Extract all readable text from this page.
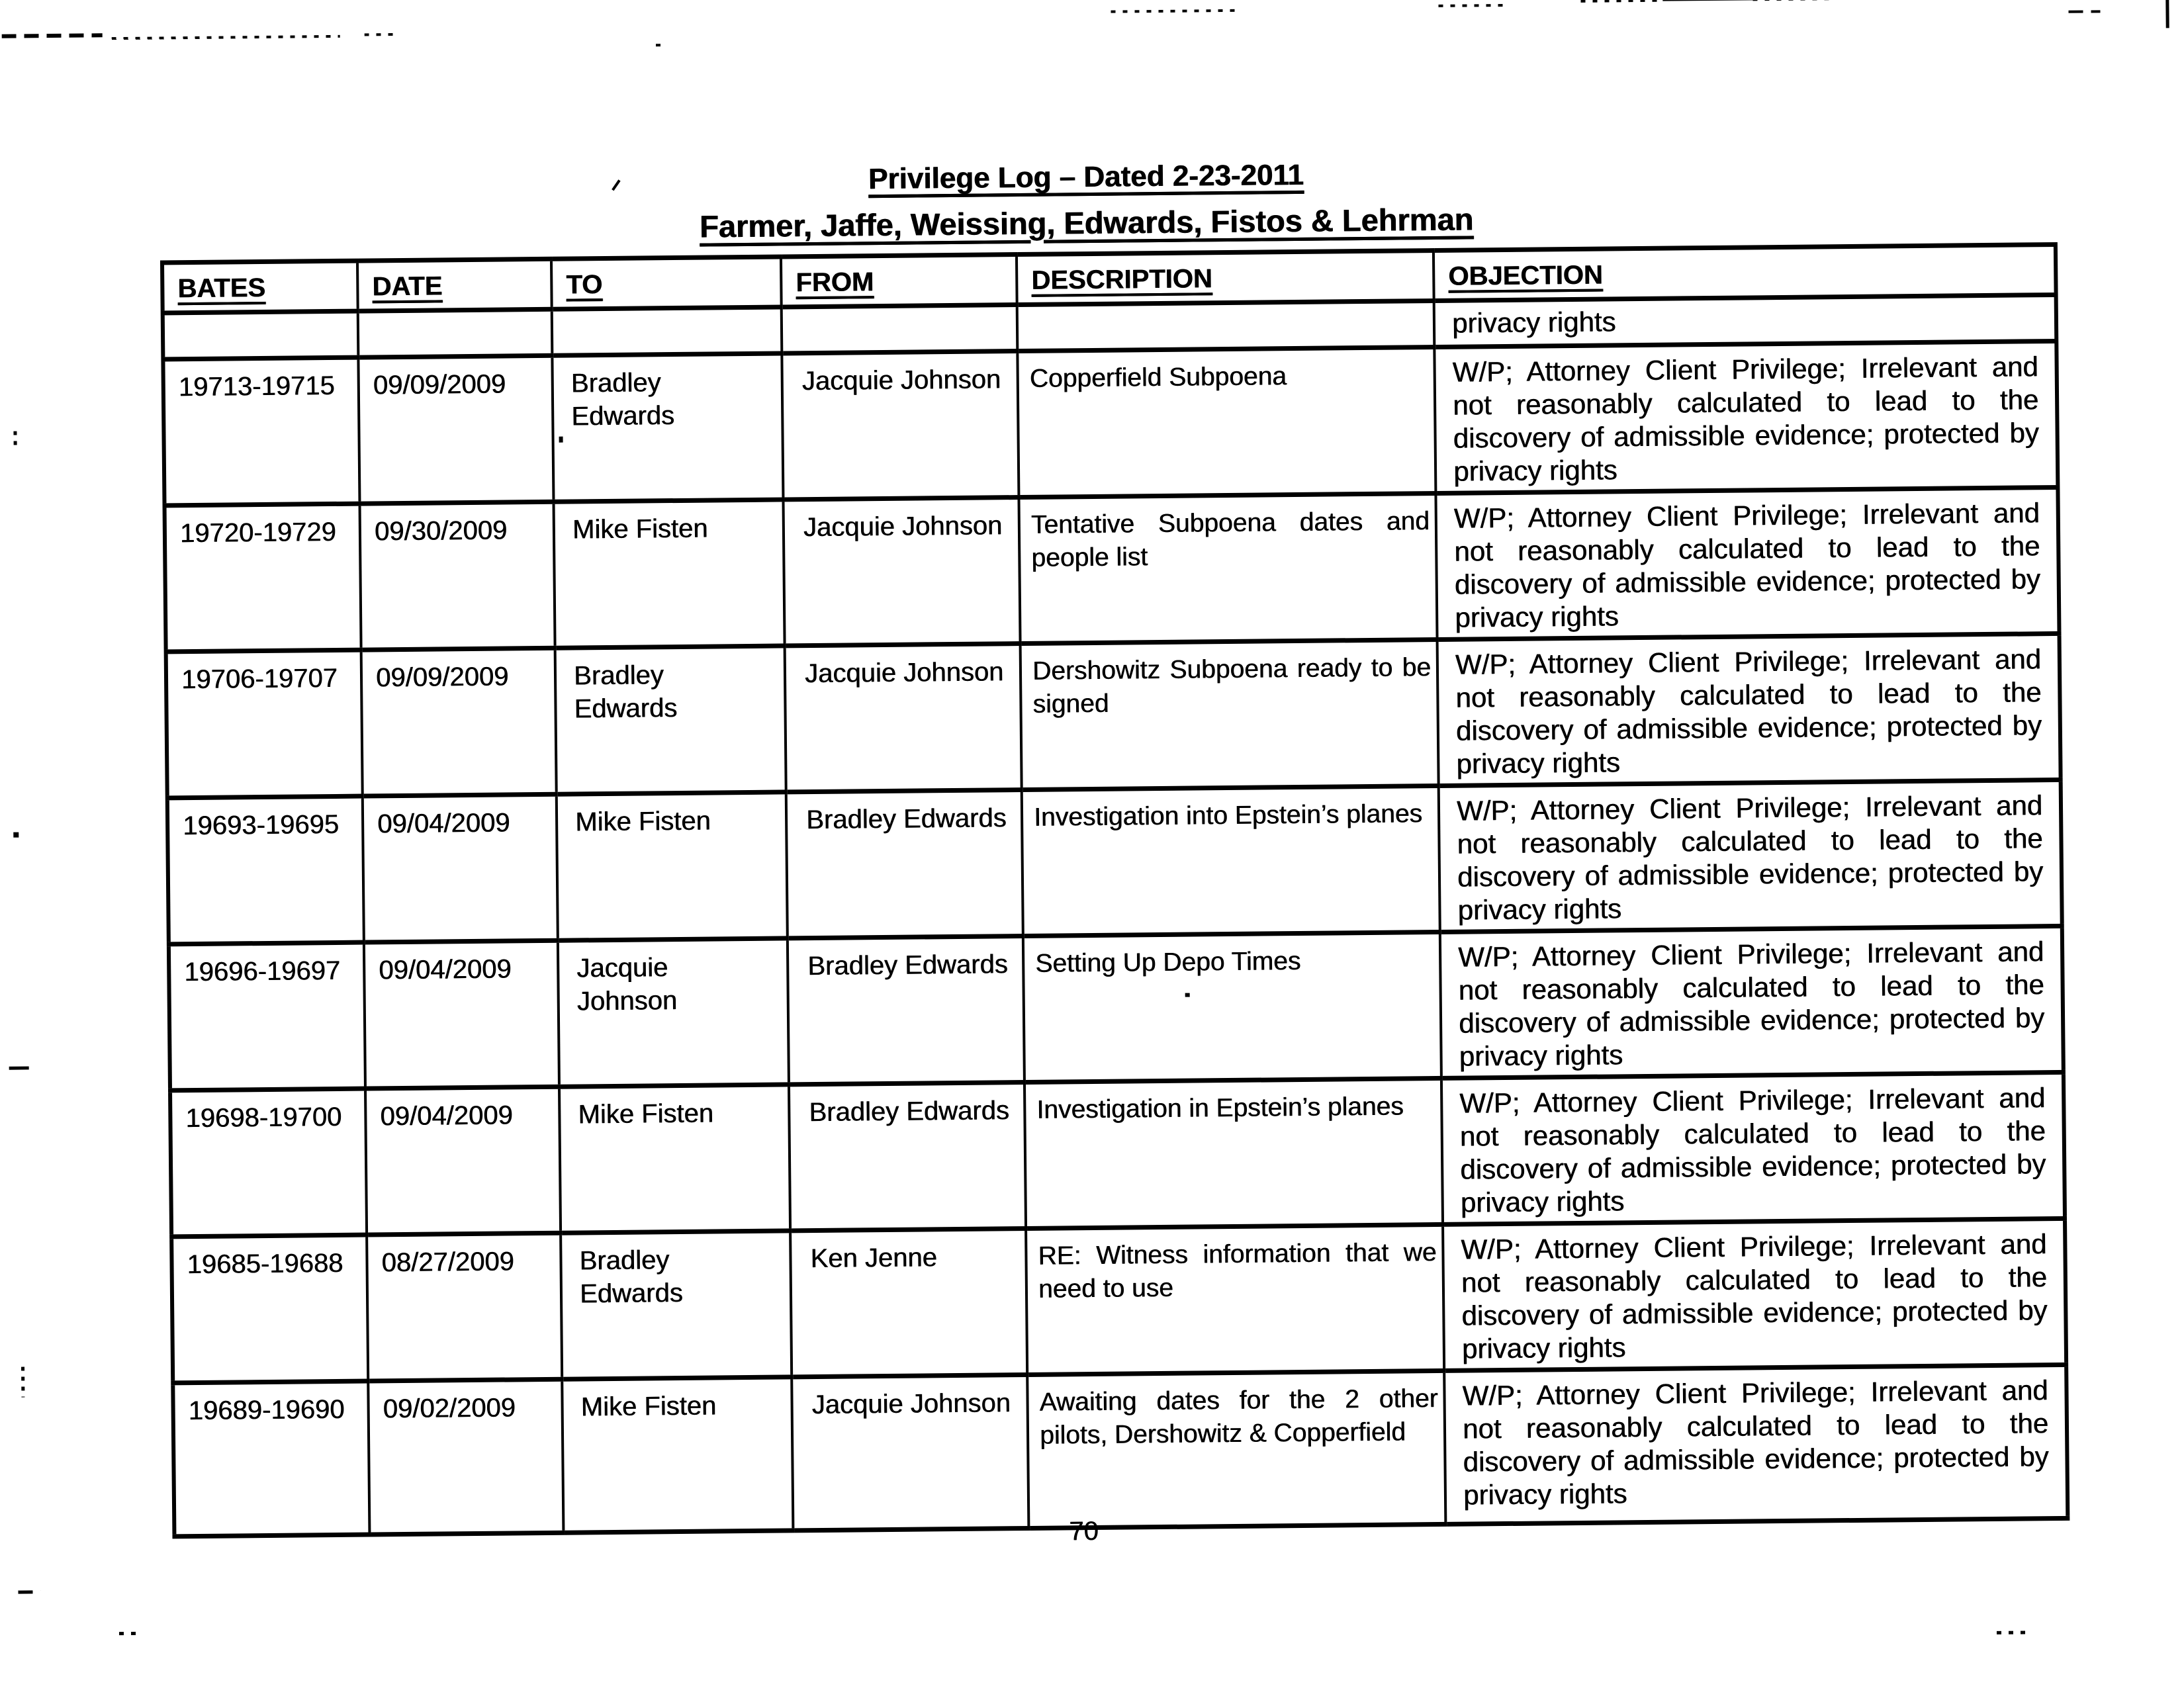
Privilege Log – Dated 2-23-2011
Farmer, Jaffe, Weissing, Edwards, Fistos & Lehrman
BATES	DATE	TO	FROM	DESCRIPTION	OBJECTION
					privacy rights
19713-19715	09/09/2009	Bradley Edwards	Jacquie Johnson	Copperfield Subpoena	W/P; Attorney Client Privilege; Irrelevant and not reasonably calculated to lead to the discovery of admissible evidence; protected by privacy rights
19720-19729	09/30/2009	Mike Fisten	Jacquie Johnson	Tentative Subpoena dates and people list	W/P; Attorney Client Privilege; Irrelevant and not reasonably calculated to lead to the discovery of admissible evidence; protected by privacy rights
19706-19707	09/09/2009	Bradley Edwards	Jacquie Johnson	Dershowitz Subpoena ready to be signed	W/P; Attorney Client Privilege; Irrelevant and not reasonably calculated to lead to the discovery of admissible evidence; protected by privacy rights
19693-19695	09/04/2009	Mike Fisten	Bradley Edwards	Investigation into Epstein’s planes	W/P; Attorney Client Privilege; Irrelevant and not reasonably calculated to lead to the discovery of admissible evidence; protected by privacy rights
19696-19697	09/04/2009	Jacquie Johnson	Bradley Edwards	Setting Up Depo Times	W/P; Attorney Client Privilege; Irrelevant and not reasonably calculated to lead to the discovery of admissible evidence; protected by privacy rights
19698-19700	09/04/2009	Mike Fisten	Bradley Edwards	Investigation in Epstein’s planes	W/P; Attorney Client Privilege; Irrelevant and not reasonably calculated to lead to the discovery of admissible evidence; protected by privacy rights
19685-19688	08/27/2009	Bradley Edwards	Ken Jenne	RE: Witness information that we need to use	W/P; Attorney Client Privilege; Irrelevant and not reasonably calculated to lead to the discovery of admissible evidence; protected by privacy rights
19689-19690	09/02/2009	Mike Fisten	Jacquie Johnson	Awaiting dates for the 2 other pilots, Dershowitz & Copperfield	W/P; Attorney Client Privilege; Irrelevant and not reasonably calculated to lead to the discovery of admissible evidence; protected by privacy rights
70
